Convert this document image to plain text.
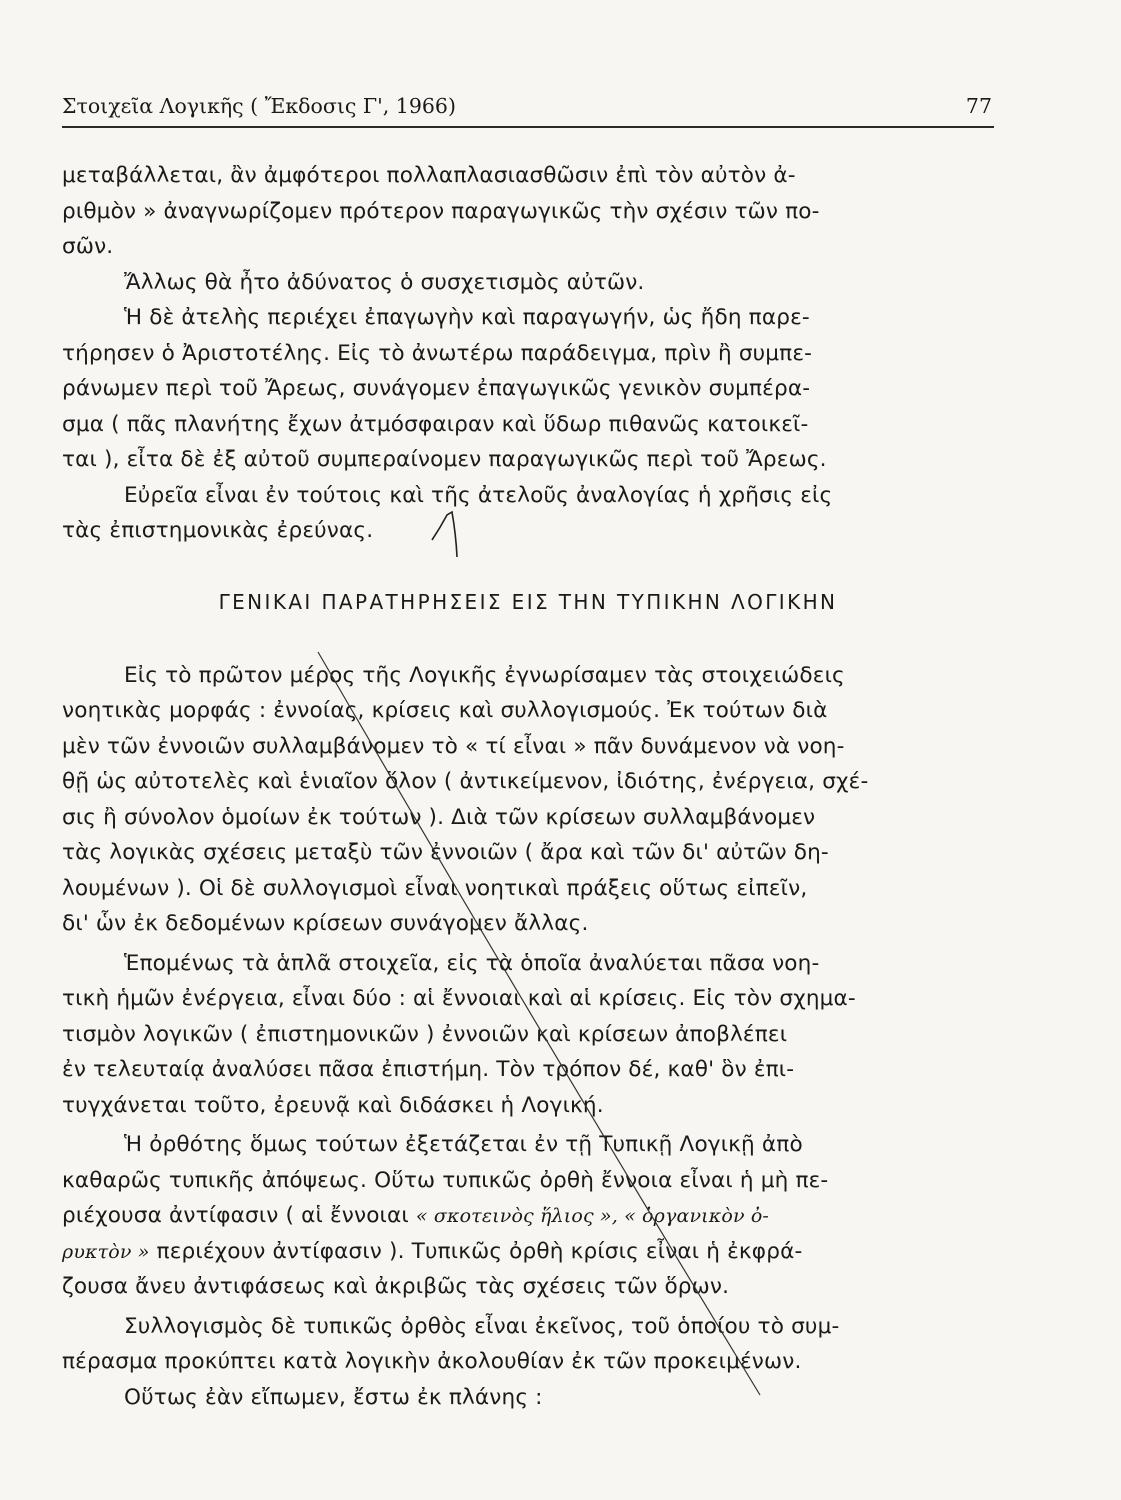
Στοιχεῖα Λογικῆς ( Ἔκδοσις Γ', 1966)	77
μεταβάλλεται, ἂν ἀμφότεροι πολλαπλασιασθῶσιν ἐπὶ τὸν αὐτὸν ἀ-
ριθμὸν » ἀναγνωρίζομεν πρότερον παραγωγικῶς τὴν σχέσιν τῶν πο-
σῶν.
Ἄλλως θὰ ἦτο ἀδύνατος ὁ συσχετισμὸς αὐτῶν.
Ἡ δὲ ἀτελὴς περιέχει ἐπαγωγὴν καὶ παραγωγήν, ὡς ἤδη παρε-
τήρησεν ὁ Ἀριστοτέλης. Εἰς τὸ ἀνωτέρω παράδειγμα, πρὶν ἢ συμπε-
ράνωμεν περὶ τοῦ Ἄρεως, συνάγομεν ἐπαγωγικῶς γενικὸν συμπέρα-
σμα ( πᾶς πλανήτης ἔχων ἀτμόσφαιραν καὶ ὕδωρ πιθανῶς κατοικεῖ-
ται ), εἶτα δὲ ἐξ αὐτοῦ συμπεραίνομεν παραγωγικῶς περὶ τοῦ Ἄρεως.
Εὐρεῖα εἶναι ἐν τούτοις καὶ τῆς ἀτελοῦς ἀναλογίας ἡ χρῆσις εἰς
τὰς ἐπιστημονικὰς ἐρεύνας.
ΓΕΝΙΚΑΙ ΠΑΡΑΤΗΡΗΣΕΙΣ ΕΙΣ ΤΗΝ ΤΥΠΙΚΗΝ ΛΟΓΙΚΗΝ
Εἰς τὸ πρῶτον μέρος τῆς Λογικῆς ἐγνωρίσαμεν τὰς στοιχειώδεις
νοητικὰς μορφάς : ἐννοίας, κρίσεις καὶ συλλογισμούς. Ἐκ τούτων διὰ
μὲν τῶν ἐννοιῶν συλλαμβάνομεν τὸ « τί εἶναι » πᾶν δυνάμενον νὰ νοη-
θῇ ὡς αὐτοτελὲς καὶ ἑνιαῖον ὅλον ( ἀντικείμενον, ἰδιότης, ἐνέργεια, σχέ-
σις ἢ σύνολον ὁμοίων ἐκ τούτων ). Διὰ τῶν κρίσεων συλλαμβάνομεν
τὰς λογικὰς σχέσεις μεταξὺ τῶν ἐννοιῶν ( ἄρα καὶ τῶν δι' αὐτῶν δη-
λουμένων ). Οἱ δὲ συλλογισμοὶ εἶναι νοητικαὶ πράξεις οὕτως εἰπεῖν,
δι' ὧν ἐκ δεδομένων κρίσεων συνάγομεν ἄλλας.
Ἑπομένως τὰ ἁπλᾶ στοιχεῖα, εἰς τὰ ὁποῖα ἀναλύεται πᾶσα νοη-
τικὴ ἡμῶν ἐνέργεια, εἶναι δύο : αἱ ἔννοιαι καὶ αἱ κρίσεις. Εἰς τὸν σχημα-
τισμὸν λογικῶν ( ἐπιστημονικῶν ) ἐννοιῶν καὶ κρίσεων ἀποβλέπει
ἐν τελευταίᾳ ἀναλύσει πᾶσα ἐπιστήμη. Τὸν τρόπον δέ, καθ' ὃν ἐπι-
τυγχάνεται τοῦτο, ἐρευνᾷ καὶ διδάσκει ἡ Λογική.
Ἡ ὀρθότης ὅμως τούτων ἐξετάζεται ἐν τῇ Τυπικῇ Λογικῇ ἀπὸ
καθαρῶς τυπικῆς ἀπόψεως. Οὕτω τυπικῶς ὀρθὴ ἔννοια εἶναι ἡ μὴ πε-
ριέχουσα ἀντίφασιν ( αἱ ἔννοιαι « σκοτεινὸς ἥλιος », « ὀργανικὸν ὀ-
ρυκτὸν » περιέχουν ἀντίφασιν ). Τυπικῶς ὀρθὴ κρίσις εἶναι ἡ ἐκφρά-
ζουσα ἄνευ ἀντιφάσεως καὶ ἀκριβῶς τὰς σχέσεις τῶν ὅρων.
Συλλογισμὸς δὲ τυπικῶς ὀρθὸς εἶναι ἐκεῖνος, τοῦ ὁποίου τὸ συμ-
πέρασμα προκύπτει κατὰ λογικὴν ἀκολουθίαν ἐκ τῶν προκειμένων.
Οὕτως ἐὰν εἴπωμεν, ἔστω ἐκ πλάνης :
